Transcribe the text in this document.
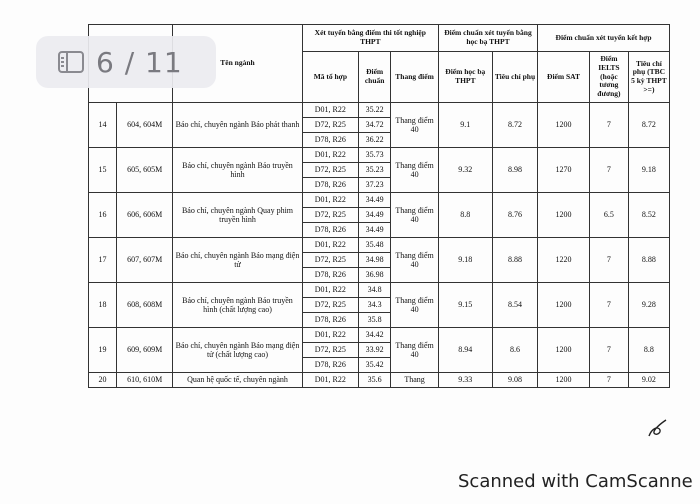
6 / 11
		Tên ngành	Xét tuyển bằng điểm thi tốt nghiệp THPT			Điểm chuẩn xét tuyển bằng học bạ THPT		Điểm chuẩn xét tuyển kết hợp		
			Mã tổ hợp	Điểm chuẩn	Thang điểm	Điểm học bạ THPT	Tiêu chí phụ	Điểm SAT	Điểm IELTS (hoặc tương đương)	Tiêu chí phụ (TBC 5 kỳ THPT >=)
14	604, 604M	Báo chí, chuyên ngành Báo phát thanh	D01, R22	35.22	Thang điểm 40	9.1	8.72	1200	7	8.72
			D72, R25	34.72						
			D78, R26	36.22						
15	605, 605M	Báo chí, chuyên ngành Báo truyền hình	D01, R22	35.73	Thang điểm 40	9.32	8.98	1270	7	9.18
			D72, R25	35.23						
			D78, R26	37.23						
16	606, 606M	Báo chí, chuyên ngành Quay phim truyền hình	D01, R22	34.49	Thang điểm 40	8.8	8.76	1200	6.5	8.52
			D72, R25	34.49						
			D78, R26	34.49						
17	607, 607M	Báo chí, chuyên ngành Báo mạng điện tử	D01, R22	35.48	Thang điểm 40	9.18	8.88	1220	7	8.88
			D72, R25	34.98						
			D78, R26	36.98						
18	608, 608M	Báo chí, chuyên ngành Báo truyền hình (chất lượng cao)	D01, R22	34.8	Thang điểm 40	9.15	8.54	1200	7	9.28
			D72, R25	34.3						
			D78, R26	35.8						
19	609, 609M	Báo chí, chuyên ngành Báo mạng điện tử (chất lượng cao)	D01, R22	34.42	Thang điểm 40	8.94	8.6	1200	7	8.8
			D72, R25	33.92						
			D78, R26	35.42						
20	610, 610M	Quan hệ quốc tế, chuyên ngành	D01, R22	35.6	Thang	9.33	9.08	1200	7	9.02
Scanned with CamScanne
